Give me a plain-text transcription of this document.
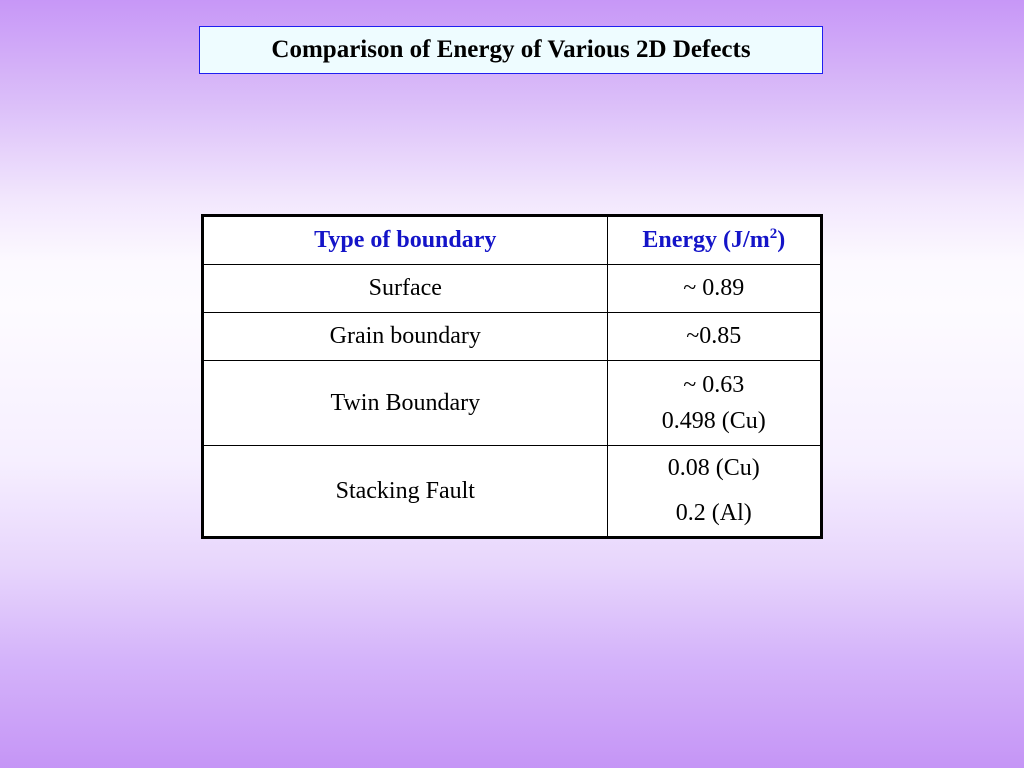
Comparison of Energy of Various 2D Defects
Type of boundary	Energy $(J/m^2)$
Surface	~ 0.89
Grain boundary	~0.85
Twin Boundary	~ 0.63
0.498 (Cu)

Stacking Fault	0.08 (Cu)
0.2 (Al)
